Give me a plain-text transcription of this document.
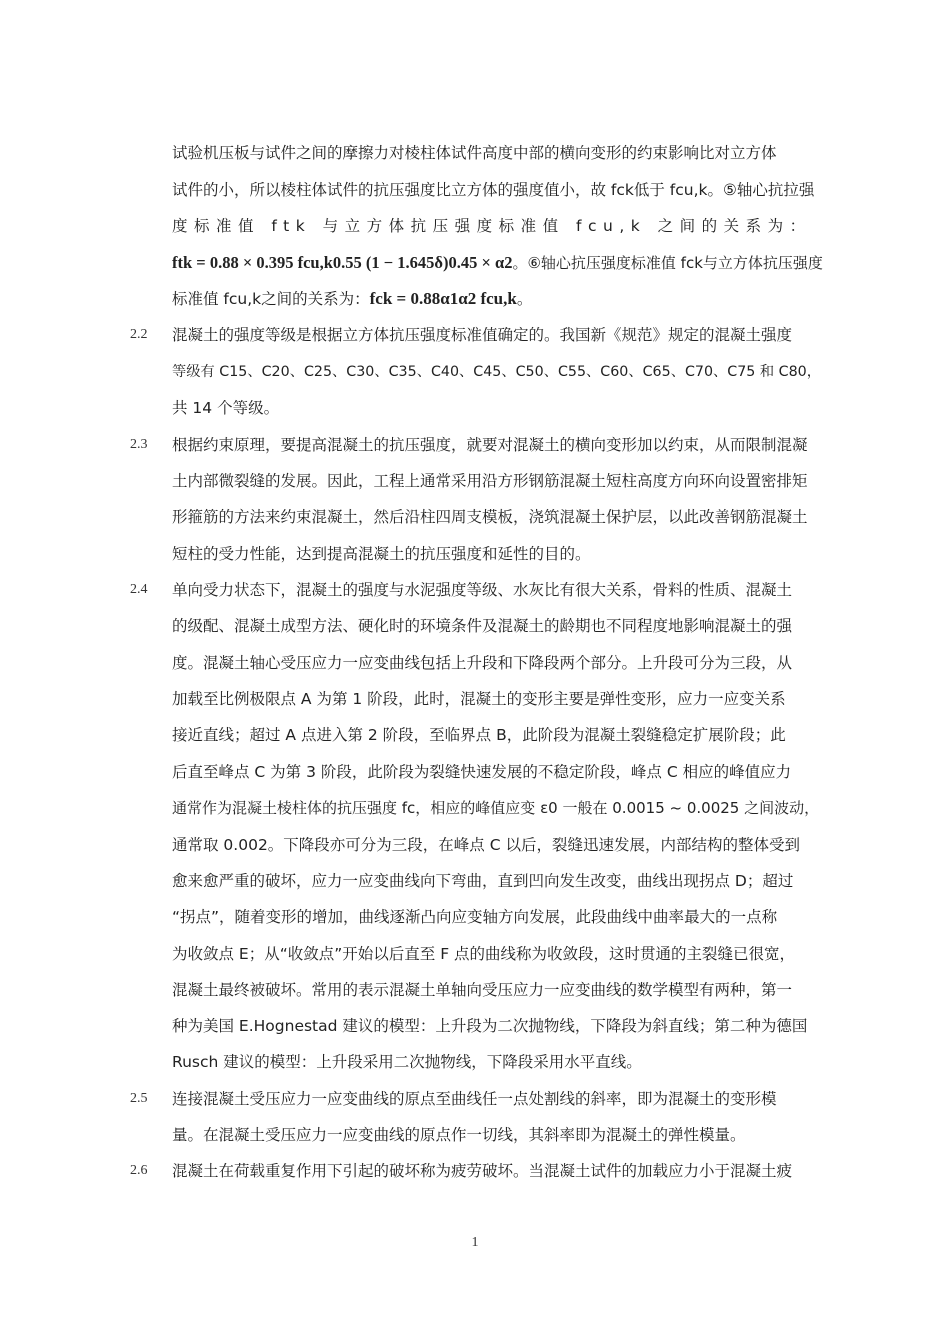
试验机压板与试件之间的摩擦力对棱柱体试件高度中部的横向变形的约束影响比对立方体
试件的小，所以棱柱体试件的抗压强度比立方体的强度值小，故 fck低于 fcu,k。⑤轴心抗拉强
度标准值 ftk 与立方体抗压强度标准值 fcu,k 之间的关系为：
ftk = 0.88 × 0.395 fcu,k0.55 (1 − 1.645δ)0.45 × α2。⑥轴心抗压强度标准值 fck与立方体抗压强度
标准值 fcu,k之间的关系为：fck = 0.88α1α2 fcu,k。
2.2 混凝土的强度等级是根据立方体抗压强度标准值确定的。我国新《规范》规定的混凝土强度
等级有 C15、C20、C25、C30、C35、C40、C45、C50、C55、C60、C65、C70、C75 和 C80，
共 14 个等级。
2.3 根据约束原理，要提高混凝土的抗压强度，就要对混凝土的横向变形加以约束，从而限制混凝
土内部微裂缝的发展。因此，工程上通常采用沿方形钢筋混凝土短柱高度方向环向设置密排矩
形箍筋的方法来约束混凝土，然后沿柱四周支模板，浇筑混凝土保护层，以此改善钢筋混凝土
短柱的受力性能，达到提高混凝土的抗压强度和延性的目的。
2.4 单向受力状态下，混凝土的强度与水泥强度等级、水灰比有很大关系，骨料的性质、混凝土
的级配、混凝土成型方法、硬化时的环境条件及混凝土的龄期也不同程度地影响混凝土的强
度。混凝土轴心受压应力一应变曲线包括上升段和下降段两个部分。上升段可分为三段，从
加载至比例极限点 A 为第 1 阶段，此时，混凝土的变形主要是弹性变形，应力一应变关系
接近直线；超过 A 点进入第 2 阶段，至临界点 B，此阶段为混凝土裂缝稳定扩展阶段；此
后直至峰点 C 为第 3 阶段，此阶段为裂缝快速发展的不稳定阶段，峰点 C 相应的峰值应力
通常作为混凝土棱柱体的抗压强度 fc，相应的峰值应变 ε0 一般在 0.0015 ~ 0.0025 之间波动，
通常取 0.002。下降段亦可分为三段，在峰点 C 以后，裂缝迅速发展，内部结构的整体受到
愈来愈严重的破坏，应力一应变曲线向下弯曲，直到凹向发生改变，曲线出现拐点 D；超过
“拐点”，随着变形的增加，曲线逐渐凸向应变轴方向发展，此段曲线中曲率最大的一点称
为收敛点 E；从“收敛点”开始以后直至 F 点的曲线称为收敛段，这时贯通的主裂缝已很宽，
混凝土最终被破坏。常用的表示混凝土单轴向受压应力一应变曲线的数学模型有两种，第一
种为美国 E.Hognestad 建议的模型：上升段为二次抛物线，下降段为斜直线；第二种为德国
Rusch 建议的模型：上升段采用二次抛物线，下降段采用水平直线。
2.5 连接混凝土受压应力一应变曲线的原点至曲线任一点处割线的斜率，即为混凝土的变形模
量。在混凝土受压应力一应变曲线的原点作一切线，其斜率即为混凝土的弹性模量。
2.6 混凝土在荷载重复作用下引起的破坏称为疲劳破坏。当混凝土试件的加载应力小于混凝土疲
1
